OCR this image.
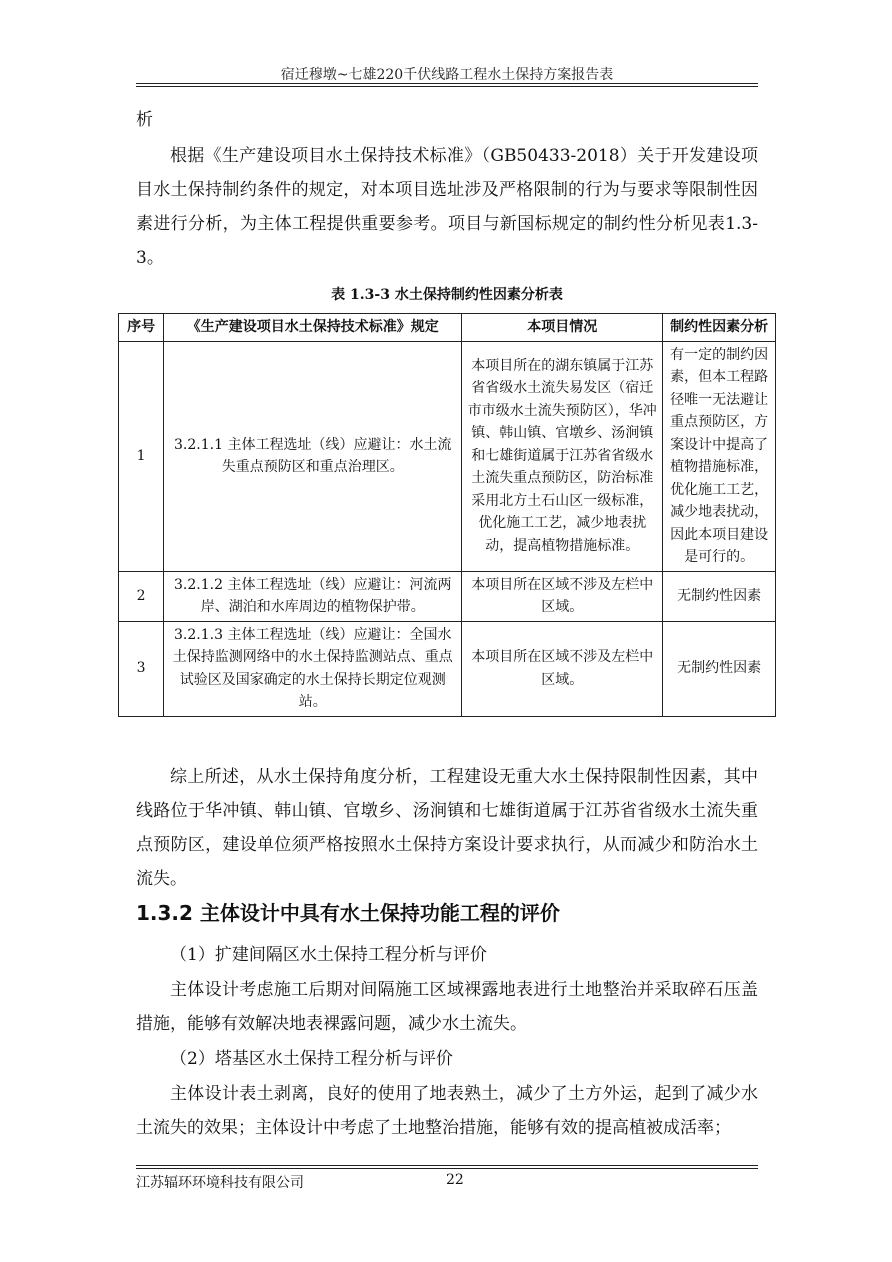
宿迁穆墩~七雄220千伏线路工程水土保持方案报告表

析

根据《生产建设项目水土保持技术标准》（GB50433-2018）关于开发建设项目水土保持制约条件的规定，对本项目选址涉及严格限制的行为与要求等限制性因素进行分析，为主体工程提供重要参考。项目与新国标规定的制约性分析见表1.3-3。

表 1.3-3 水土保持制约性因素分析表
序号	《生产建设项目水土保持技术标准》规定	本项目情况	制约性因素分析
1	3.2.1.1 主体工程选址（线）应避让：水土流失重点预防区和重点治理区。	本项目所在的湖东镇属于江苏省省级水土流失易发区（宿迁市市级水土流失预防区），华冲镇、韩山镇、官墩乡、汤涧镇和七雄街道属于江苏省省级水土流失重点预防区，防治标准采用北方土石山区一级标准，优化施工工艺，减少地表扰动，提高植物措施标准。	有一定的制约因素，但本工程路径唯一无法避让重点预防区，方案设计中提高了植物措施标准，优化施工工艺，减少地表扰动，因此本项目建设是可行的。
2	3.2.1.2 主体工程选址（线）应避让：河流两岸、湖泊和水库周边的植物保护带。	本项目所在区域不涉及左栏中区域。	无制约性因素
3	3.2.1.3 主体工程选址（线）应避让：全国水土保持监测网络中的水土保持监测站点、重点试验区及国家确定的水土保持长期定位观测站。	本项目所在区域不涉及左栏中区域。	无制约性因素

综上所述，从水土保持角度分析，工程建设无重大水土保持限制性因素，其中线路位于华冲镇、韩山镇、官墩乡、汤涧镇和七雄街道属于江苏省省级水土流失重点预防区，建设单位须严格按照水土保持方案设计要求执行，从而减少和防治水土流失。

1.3.2 主体设计中具有水土保持功能工程的评价

（1）扩建间隔区水土保持工程分析与评价

主体设计考虑施工后期对间隔施工区域裸露地表进行土地整治并采取碎石压盖措施，能够有效解决地表裸露问题，减少水土流失。

（2）塔基区水土保持工程分析与评价

主体设计表土剥离，良好的使用了地表熟土，减少了土方外运，起到了减少水土流失的效果；主体设计中考虑了土地整治措施，能够有效的提高植被成活率；

江苏辐环环境科技有限公司	22
